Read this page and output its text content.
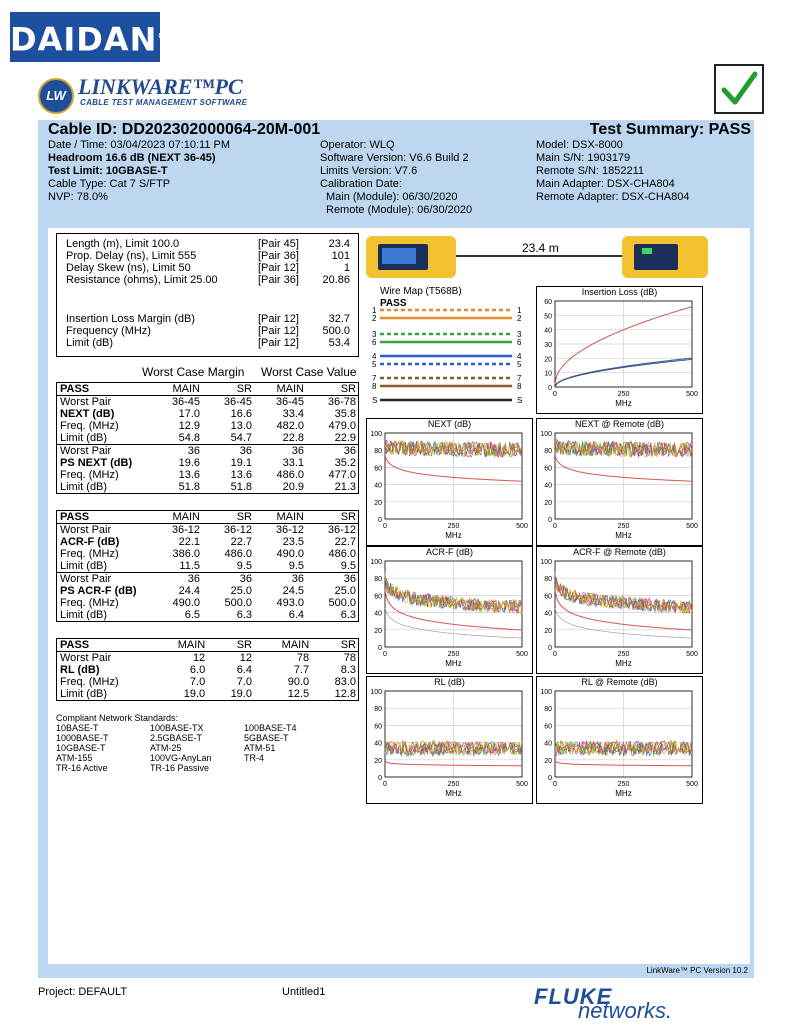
DAIDAN®
LW LINKWARE™PC
CABLE TEST MANAGEMENT SOFTWARE
Cable ID: DD202302000064-20M-001	Test Summary: PASS
Date / Time: 03/04/2023 07:10:11 PM
Headroom 16.6 dB (NEXT 36-45)
Test Limit: 10GBASE-T
Cable Type: Cat 7 S/FTP
NVP: 78.0%
Operator: WLQ
Software Version: V6.6 Build 2
Limits Version: V7.6
Calibration Date:
Main (Module): 06/30/2020
Remote (Module): 06/30/2020
Model: DSX-8000
Main S/N: 1903179
Remote S/N: 1852211
Main Adapter: DSX-CHA804
Remote Adapter: DSX-CHA804
Length (m), Limit 100.0	[Pair 45]	23.4
Prop. Delay (ns), Limit 555	[Pair 36]	101
Delay Skew (ns), Limit 50	[Pair 12]	1
Resistance (ohms), Limit 25.00	[Pair 36]	20.86

Insertion Loss Margin (dB)	[Pair 12]	32.7
Frequency (MHz)	[Pair 12]	500.0
Limit (dB)	[Pair 12]	53.4
Worst Case Margin Worst Case Value
PASS	MAIN	SR	MAIN	SR
Worst Pair	36-45	36-45	36-45	36-78
NEXT (dB)	17.0	16.6	33.4	35.8
Freq. (MHz)	12.9	13.0	482.0	479.0
Limit (dB)	54.8	54.7	22.8	22.9
Worst Pair	36	36	36	36
PS NEXT (dB)	19.6	19.1	33.1	35.2
Freq. (MHz)	13.6	13.6	486.0	477.0
Limit (dB)	51.8	51.8	20.9	21.3
PASS	MAIN	SR	MAIN	SR
Worst Pair	36-12	36-12	36-12	36-12
ACR-F (dB)	22.1	22.7	23.5	22.7
Freq. (MHz)	386.0	486.0	490.0	486.0
Limit (dB)	11.5	9.5	9.5	9.5
Worst Pair	36	36	36	36
PS ACR-F (dB)	24.4	25.0	24.5	25.0
Freq. (MHz)	490.0	500.0	493.0	500.0
Limit (dB)	6.5	6.3	6.4	6.3
PASS	MAIN	SR	MAIN	SR
Worst Pair	12	12	78	78
RL (dB)	6.0	6.4	7.7	8.3
Freq. (MHz)	7.0	7.0	90.0	83.0
Limit (dB)	19.0	19.0	12.5	12.8
Compliant Network Standards:
10BASE-T	100BASE-TX	100BASE-T4
1000BASE-T	2.5GBASE-T	5GBASE-T
10GBASE-T	ATM-25	ATM-51
ATM-155	100VG-AnyLan	TR-4
TR-16 Active	TR-16 Passive
23.4 m
Wire Map (T568B)
PASS
1	1
2	2
3	3
6	6
4	4
5	5
7	7
8	8
S	S
Insertion Loss (dB)
0
10
20
30
40
50
60
0	250	500
MHz
NEXT (dB)
0
20
40
60
80
100
0	250	500
MHz
NEXT @ Remote (dB)
0
20
40
60
80
100
0	250	500
MHz
ACR-F (dB)
0
20
40
60
80
100
0	250	500
MHz
ACR-F @ Remote (dB)
0
20
40
60
80
100
0	250	500
MHz
RL (dB)
0
20
40
60
80
100
0	250	500
MHz
RL @ Remote (dB)
0
20
40
60
80
100
0	250	500
MHz
LinkWare™ PC Version 10.2
Project: DEFAULT	Untitled1	FLUKE
networks.
